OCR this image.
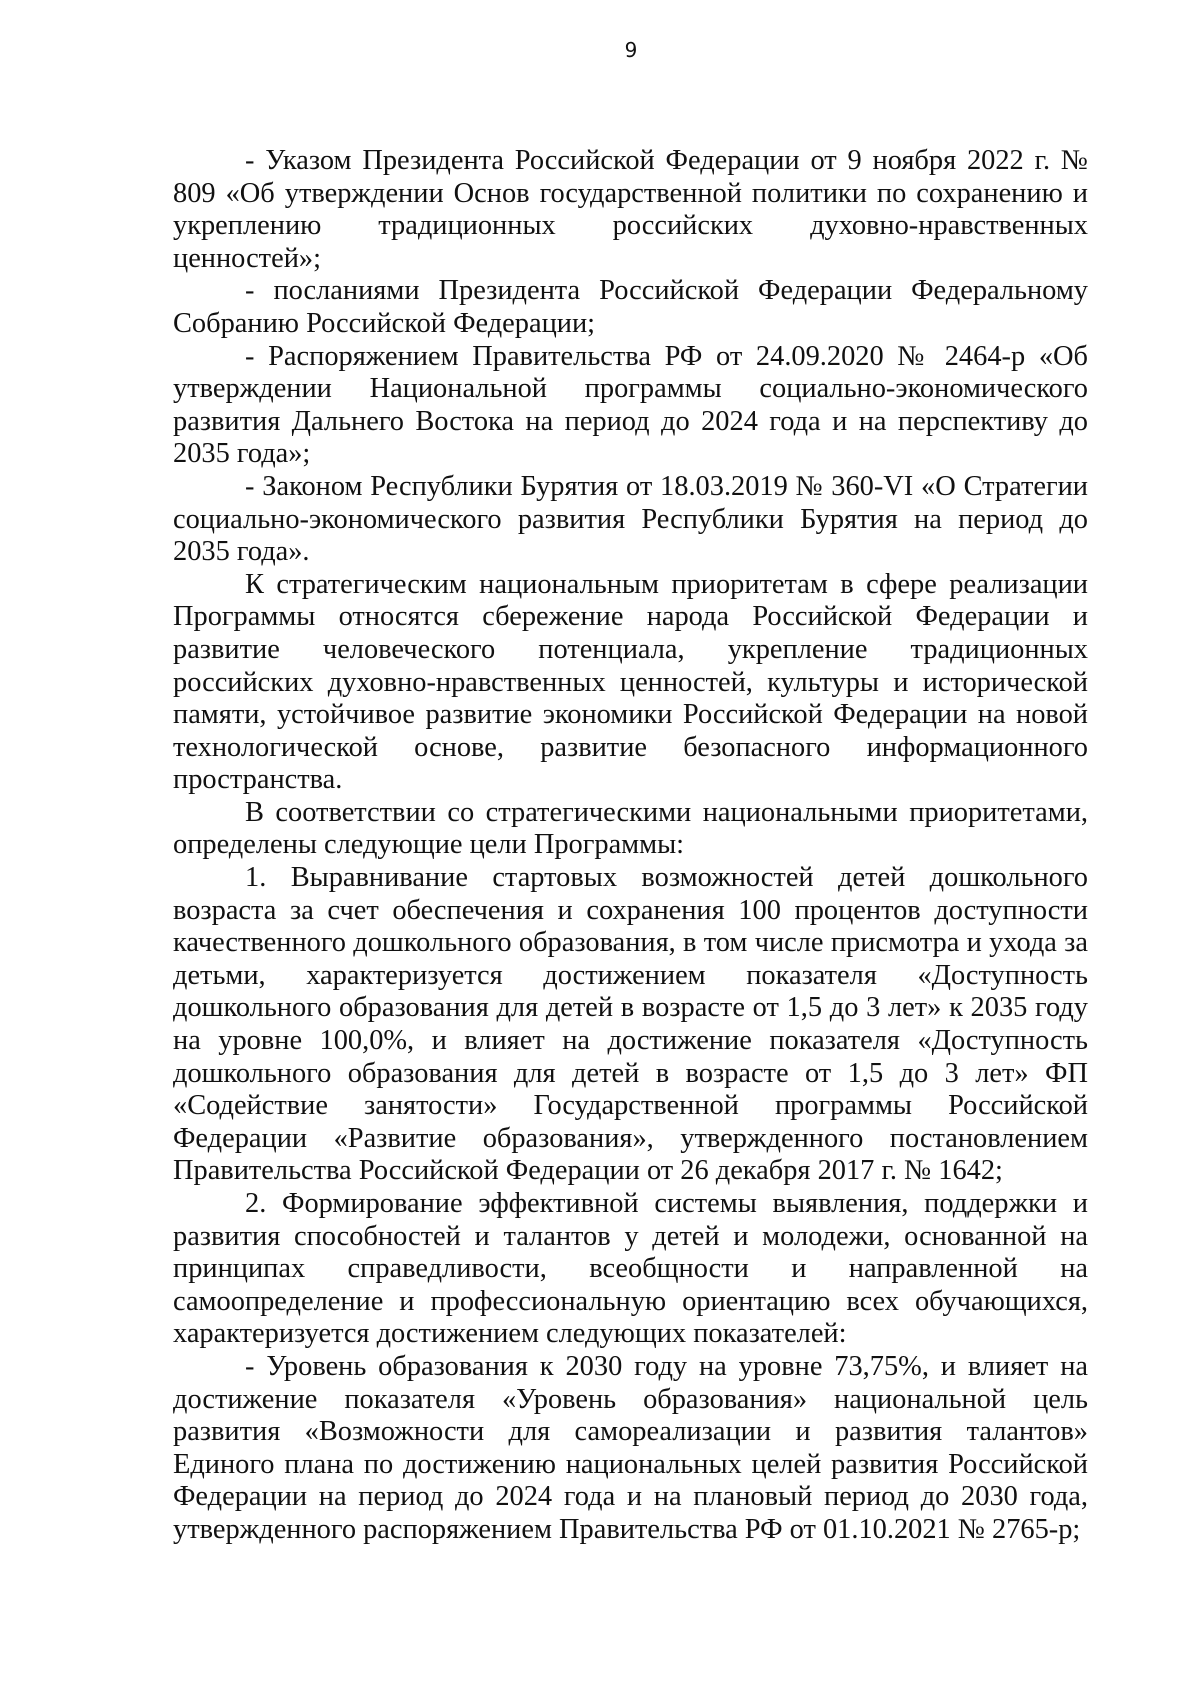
9

- Указом Президента Российской Федерации от 9 ноября 2022 г. № 809 «Об утверждении Основ государственной политики по сохранению и укреплению традиционных российских духовно-нравственных ценностей»;

- посланиями Президента Российской Федерации Федеральному Собранию Российской Федерации;

- Распоряжением Правительства РФ от 24.09.2020 № 2464-р «Об утверждении Национальной программы социально-экономического развития Дальнего Востока на период до 2024 года и на перспективу до 2035 года»;

- Законом Республики Бурятия от 18.03.2019 № 360-VI «О Стратегии социально-экономического развития Республики Бурятия на период до 2035 года».

К стратегическим национальным приоритетам в сфере реализации Программы относятся сбережение народа Российской Федерации и развитие человеческого потенциала, укрепление традиционных российских духовно-нравственных ценностей, культуры и исторической памяти, устойчивое развитие экономики Российской Федерации на новой технологической основе, развитие безопасного информационного пространства.

В соответствии со стратегическими национальными приоритетами, определены следующие цели Программы:

1. Выравнивание стартовых возможностей детей дошкольного возраста за счет обеспечения и сохранения 100 процентов доступности качественного дошкольного образования, в том числе присмотра и ухода за детьми, характеризуется достижением показателя «Доступность дошкольного образования для детей в возрасте от 1,5 до 3 лет» к 2035 году на уровне 100,0%, и влияет на достижение показателя «Доступность дошкольного образования для детей в возрасте от 1,5 до 3 лет» ФП «Содействие занятости» Государственной программы Российской Федерации «Развитие образования», утвержденного постановлением Правительства Российской Федерации от 26 декабря 2017 г. № 1642;

2. Формирование эффективной системы выявления, поддержки и развития способностей и талантов у детей и молодежи, основанной на принципах справедливости, всеобщности и направленной на самоопределение и профессиональную ориентацию всех обучающихся, характеризуется достижением следующих показателей:

- Уровень образования к 2030 году на уровне 73,75%, и влияет на достижение показателя «Уровень образования» национальной цель развития «Возможности для самореализации и развития талантов» Единого плана по достижению национальных целей развития Российской Федерации на период до 2024 года и на плановый период до 2030 года, утвержденного распоряжением Правительства РФ от 01.10.2021 № 2765-р;
